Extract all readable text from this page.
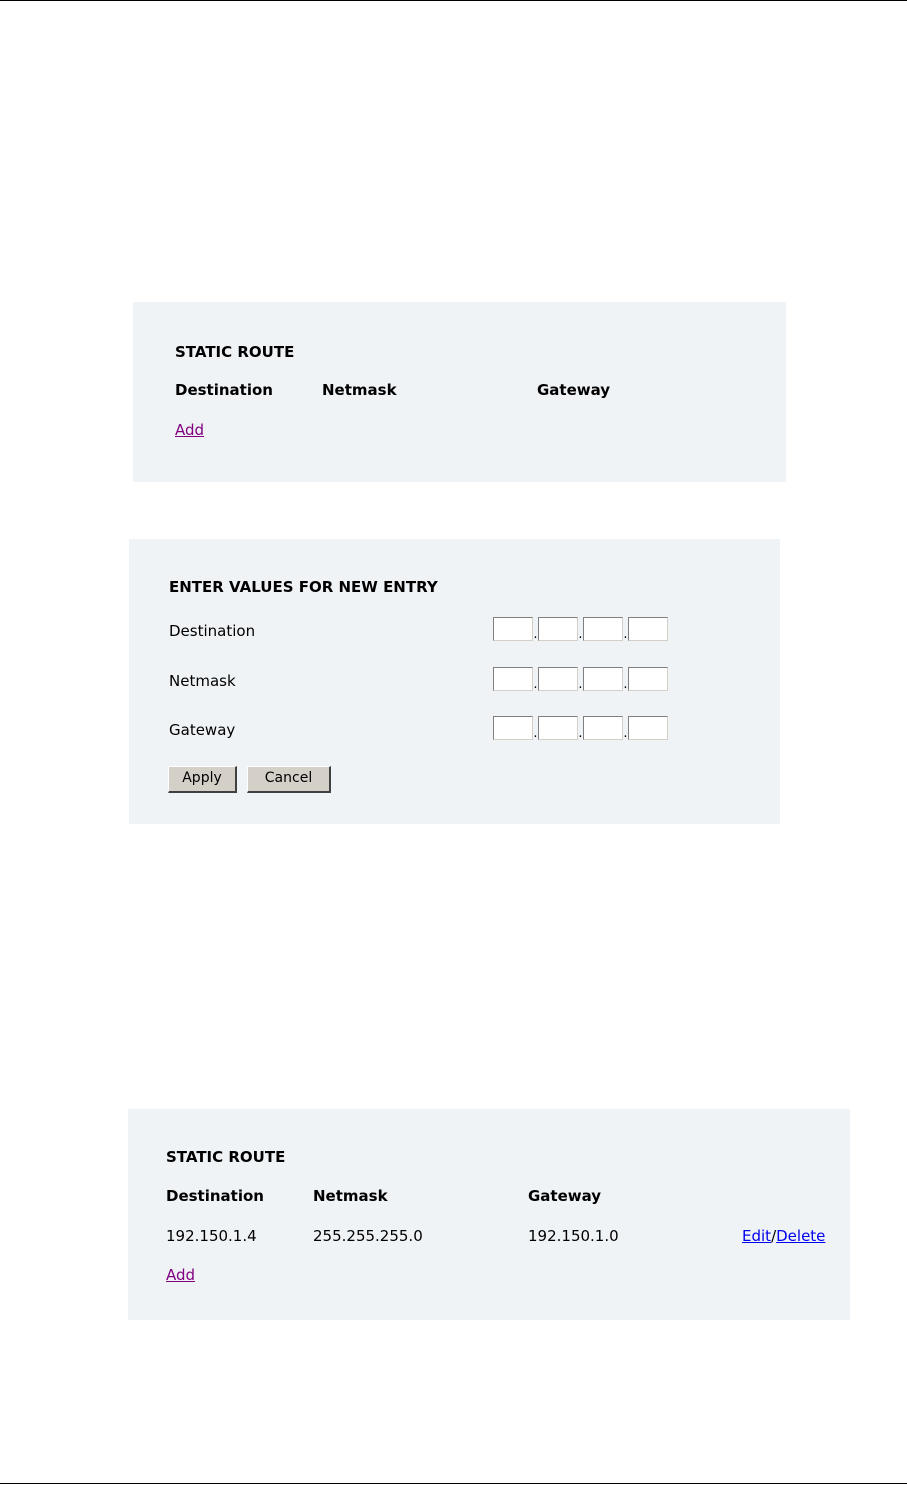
STATIC ROUTE
Destination	Netmask	Gateway
Add
ENTER VALUES FOR NEW ENTRY
Destination	.	.	.
Netmask	.	.	.
Gateway	.	.	.
Apply	Cancel
STATIC ROUTE
Destination	Netmask	Gateway
192.150.1.4	255.255.255.0	192.150.1.0	Edit/Delete
Add
